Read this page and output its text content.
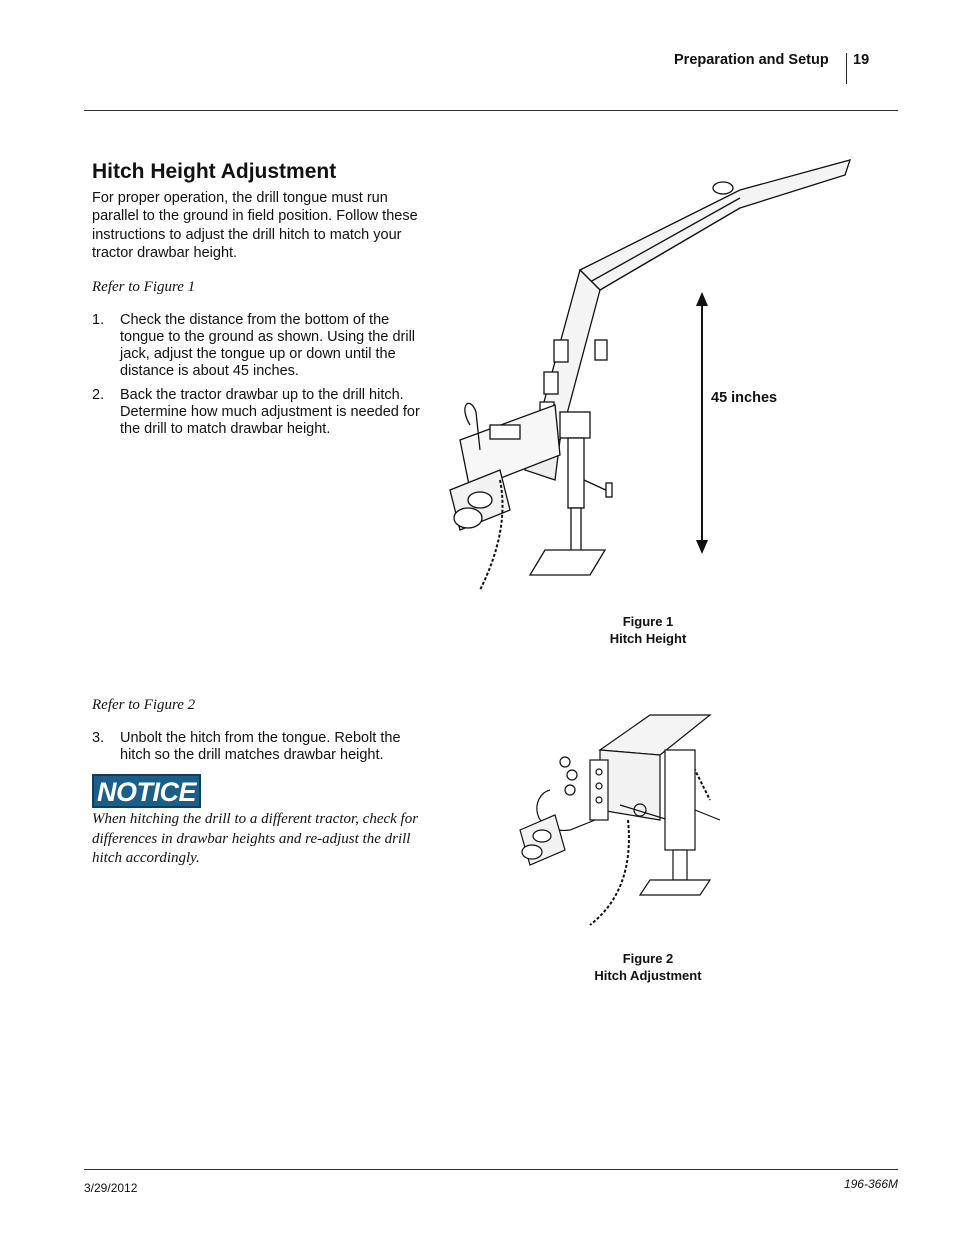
Preparation and Setup 19
Hitch Height Adjustment

For proper operation, the drill tongue must run parallel to the ground in field position. Follow these instructions to adjust the drill hitch to match your tractor drawbar height.

Refer to Figure 1
1. Check the distance from the bottom of the tongue to the ground as shown. Using the drill jack, adjust the tongue up or down until the distance is about 45 inches.
2. Back the tractor drawbar up to the drill hitch. Determine how much adjustment is needed for the drill to match drawbar height.
Refer to Figure 2
3. Unbolt the hitch from the tongue. Rebolt the hitch so the drill matches drawbar height.
NOTICE

When hitching the drill to a different tractor, check for differences in drawbar heights and re-adjust the drill hitch accordingly.

45 inches
Figure 1
Hitch Height
Figure 2
Hitch Adjustment
3/29/2012	196-366M
